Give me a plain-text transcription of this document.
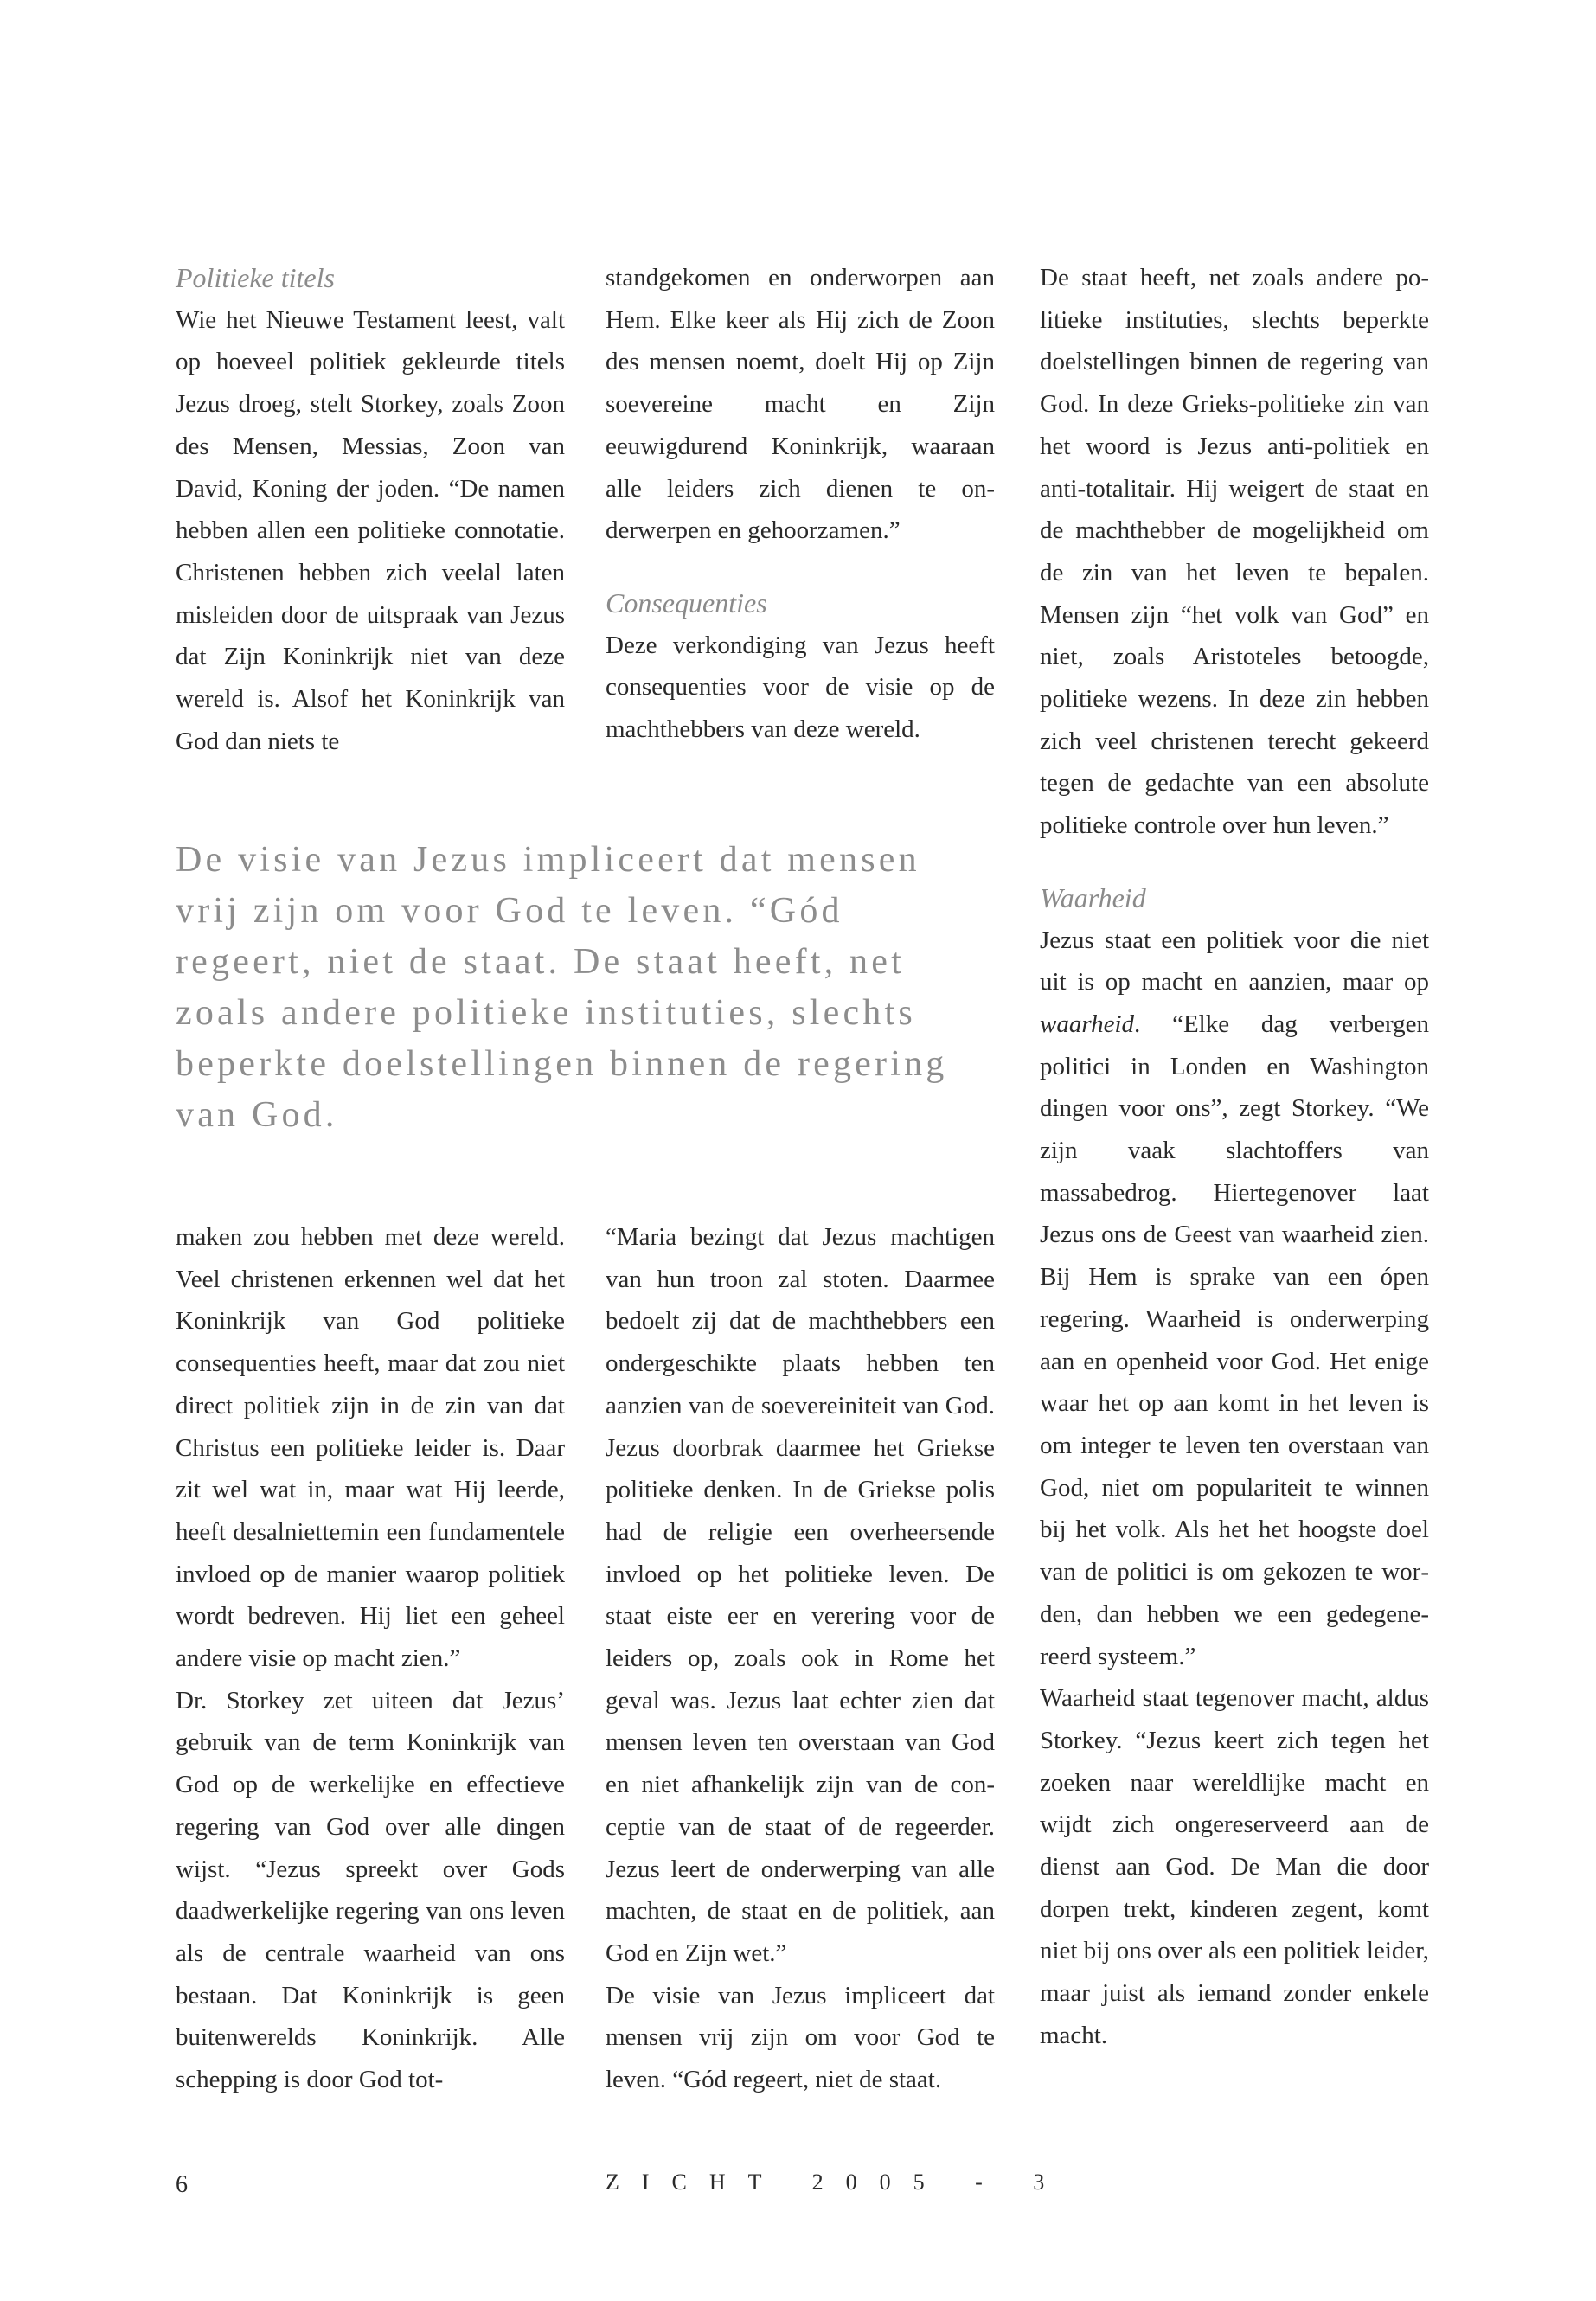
Politieke titels

Wie het Nieuwe Testament leest, valt op hoeveel politiek gekleurde titels Jezus droeg, stelt Storkey, zoals Zoon des Mensen, Messias, Zoon van David, Koning der joden. “De namen hebben allen een politieke connotatie. Christenen hebben zich veelal laten misleiden door de uitspraak van Jezus dat Zijn Koninkrijk niet van deze wereld is. Alsof het Koninkrijk van God dan niets te

standgekomen en onderworpen aan Hem. Elke keer als Hij zich de Zoon des mensen noemt, doelt Hij op Zijn soevereine macht en Zijn eeuwigdurend Koninkrijk, waaraan alle leiders zich dienen te onderwerpen en gehoorzamen.”

Consequenties

Deze verkondiging van Jezus heeft consequenties voor de visie op de machthebbers van deze wereld.

De staat heeft, net zoals andere politieke instituties, slechts beperkte doelstellingen binnen de regering van God. In deze Grieks-politieke zin van het woord is Jezus anti-politiek en anti-totalitair. Hij weigert de staat en de machthebber de mogelijkheid om de zin van het leven te bepalen. Mensen zijn “het volk van God” en niet, zoals Aristoteles betoogde, politieke wezens. In deze zin hebben zich veel christenen terecht gekeerd tegen de gedachte van een absolute politieke controle over hun leven.”

Waarheid

Jezus staat een politiek voor die niet uit is op macht en aanzien, maar op waarheid. “Elke dag verbergen politici in Londen en Washington dingen voor ons”, zegt Storkey. “We zijn vaak slachtoffers van massabedrog. Hiertegenover laat Jezus ons de Geest van waarheid zien. Bij Hem is sprake van een ópen regering. Waarheid is onderwerping aan en openheid voor God. Het enige waar het op aan komt in het leven is om integer te leven ten overstaan van God, niet om populariteit te winnen bij het volk. Als het het hoogste doel van de politici is om gekozen te worden, dan hebben we een gedegenereerd systeem.”

Waarheid staat tegenover macht, aldus Storkey. “Jezus keert zich tegen het zoeken naar wereldlijke macht en wijdt zich ongereserveerd aan de dienst aan God. De Man die door dorpen trekt, kinderen zegent, komt niet bij ons over als een politiek leider, maar juist als iemand zonder enkele macht.

De visie van Jezus impliceert dat mensen vrij zijn om voor God te leven. “Gód regeert, niet de staat. De staat heeft, net zoals andere politieke instituties, slechts beperkte doelstellingen binnen de regering van God.

maken zou hebben met deze wereld. Veel christenen erkennen wel dat het Koninkrijk van God politieke consequenties heeft, maar dat zou niet direct politiek zijn in de zin van dat Christus een politieke leider is. Daar zit wel wat in, maar wat Hij leerde, heeft desalniettemin een fundamentele invloed op de manier waarop politiek wordt bedreven. Hij liet een geheel andere visie op macht zien.”

Dr. Storkey zet uiteen dat Jezus’ gebruik van de term Koninkrijk van God op de werkelijke en effectieve regering van God over alle dingen wijst. “Jezus spreekt over Gods daadwerkelijke regering van ons leven als de centrale waarheid van ons bestaan. Dat Koninkrijk is geen buitenwerelds Koninkrijk. Alle schepping is door God tot-

“Maria bezingt dat Jezus machtigen van hun troon zal stoten. Daarmee bedoelt zij dat de machthebbers een ondergeschikte plaats hebben ten aanzien van de soevereiniteit van God. Jezus doorbrak daarmee het Griekse politieke denken. In de Griekse polis had de religie een overheersende invloed op het politieke leven. De staat eiste eer en verering voor de leiders op, zoals ook in Rome het geval was. Jezus laat echter zien dat mensen leven ten overstaan van God en niet afhankelijk zijn van de conceptie van de staat of de regeerder. Jezus leert de onderwerping van alle machten, de staat en de politiek, aan God en Zijn wet.”

De visie van Jezus impliceert dat mensen vrij zijn om voor God te leven. “Gód regeert, niet de staat.

6	ZICHT 2005 - 3
